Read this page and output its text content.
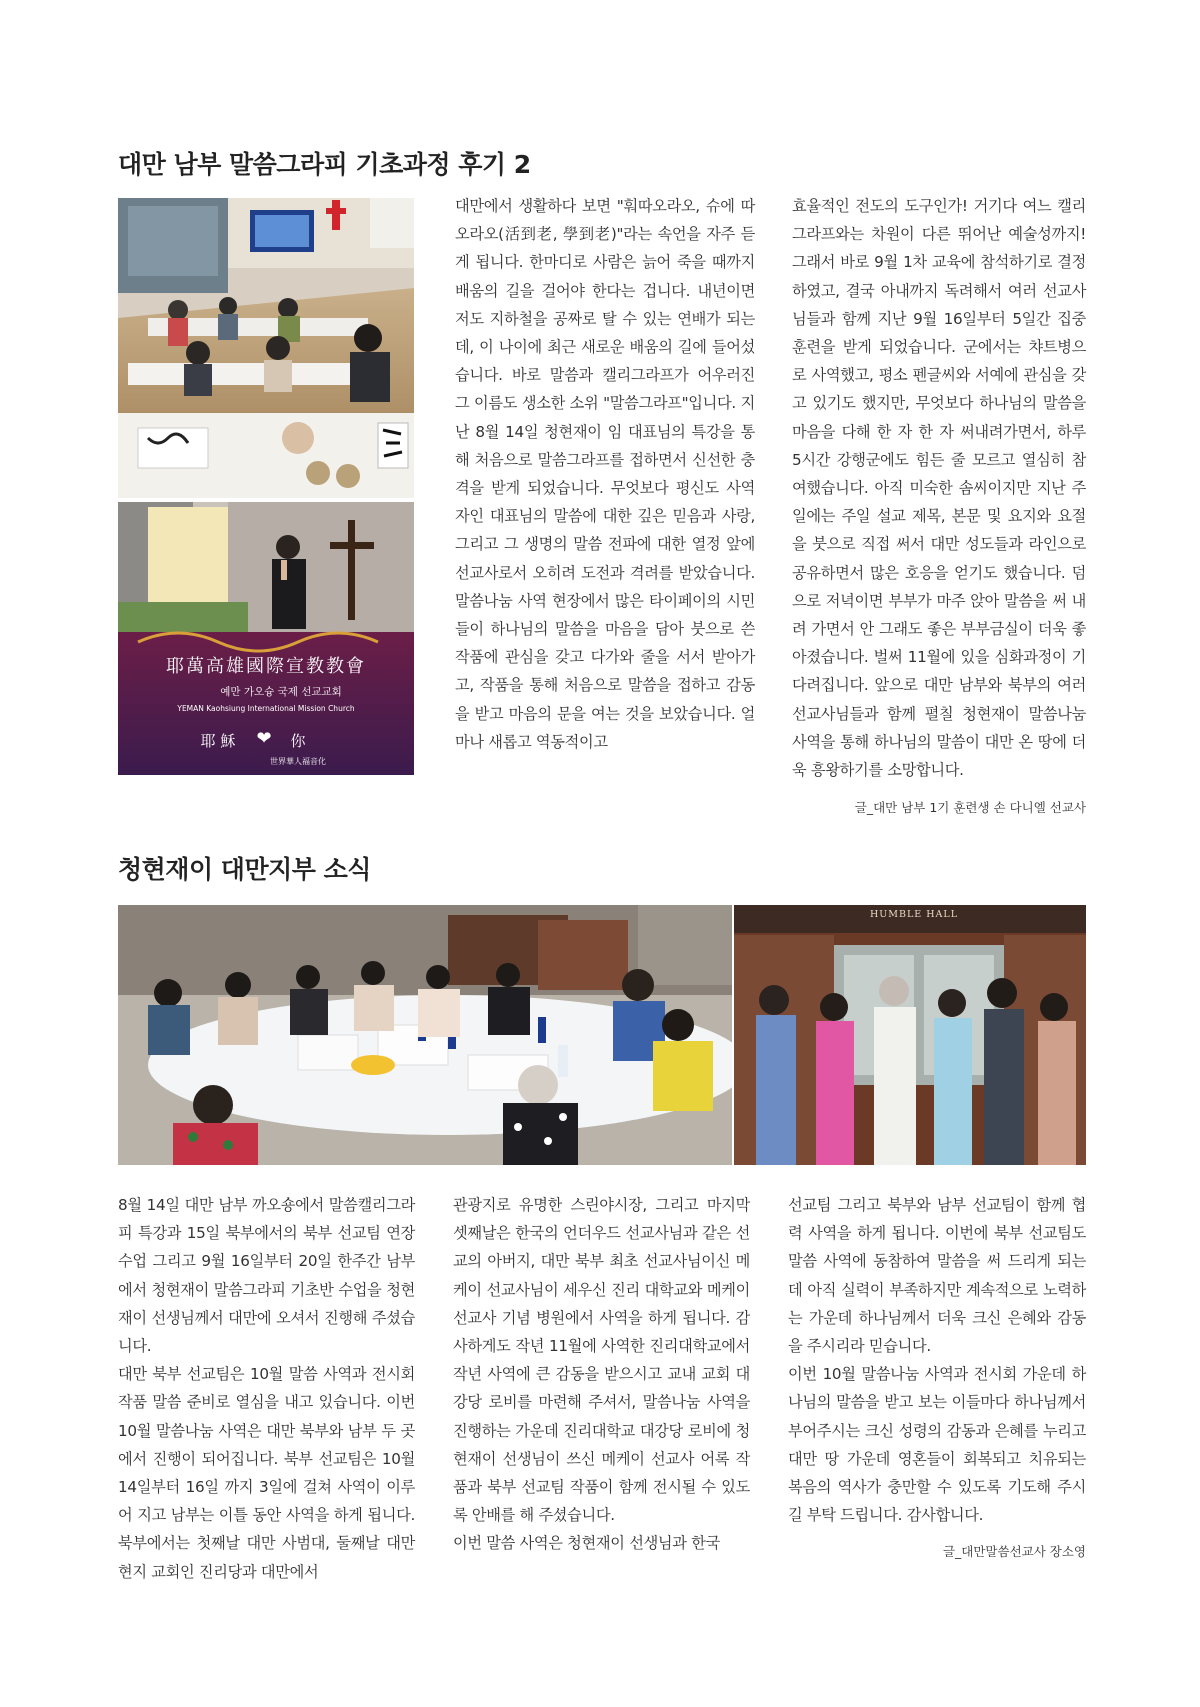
대만 남부 말씀그라피 기초과정 후기 2
耶萬高雄國際宣教教會
예만 가오슝 국제 선교교회
YEMAN Kaohsiung International Mission Church
耶 穌	❤	你
世界華人福音化

대만에서 생활하다 보면 "훠따오라오, 슈에 따오라오(活到老, 學到老)"라는 속언을 자주 듣게 됩니다. 한마디로 사람은 늙어 죽을 때까지 배움의 길을 걸어야 한다는 겁니다. 내년이면 저도 지하철을 공짜로 탈 수 있는 연배가 되는데, 이 나이에 최근 새로운 배움의 길에 들어섰습니다. 바로 말씀과 캘리그라프가 어우러진 그 이름도 생소한 소위 "말씀그라프"입니다. 지난 8월 14일 청현재이 임 대표님의 특강을 통해 처음으로 말씀그라프를 접하면서 신선한 충격을 받게 되었습니다. 무엇보다 평신도 사역자인 대표님의 말씀에 대한 깊은 믿음과 사랑, 그리고 그 생명의 말씀 전파에 대한 열정 앞에 선교사로서 오히려 도전과 격려를 받았습니다. 말씀나눔 사역 현장에서 많은 타이페이의 시민들이 하나님의 말씀을 마음을 담아 붓으로 쓴 작품에 관심을 갖고 다가와 줄을 서서 받아가고, 작품을 통해 처음으로 말씀을 접하고 감동을 받고 마음의 문을 여는 것을 보았습니다. 얼마나 새롭고 역동적이고

효율적인 전도의 도구인가! 거기다 여느 캘리그라프와는 차원이 다른 뛰어난 예술성까지! 그래서 바로 9월 1차 교육에 참석하기로 결정하였고, 결국 아내까지 독려해서 여러 선교사님들과 함께 지난 9월 16일부터 5일간 집중훈련을 받게 되었습니다. 군에서는 챠트병으로 사역했고, 평소 펜글씨와 서예에 관심을 갖고 있기도 했지만, 무엇보다 하나님의 말씀을 마음을 다해 한 자 한 자 써내려가면서, 하루 5시간 강행군에도 힘든 줄 모르고 열심히 참여했습니다. 아직 미숙한 솜씨이지만 지난 주일에는 주일 설교 제목, 본문 및 요지와 요절을 붓으로 직접 써서 대만 성도들과 라인으로 공유하면서 많은 호응을 얻기도 했습니다. 덤으로 저녁이면 부부가 마주 앉아 말씀을 써 내려 가면서 안 그래도 좋은 부부금실이 더욱 좋아졌습니다. 벌써 11월에 있을 심화과정이 기다려집니다. 앞으로 대만 남부와 북부의 여러 선교사님들과 함께 펼칠 청현재이 말씀나눔 사역을 통해 하나님의 말씀이 대만 온 땅에 더욱 흥왕하기를 소망합니다.

글_대만 남부 1기 훈련생 손 다니엘 선교사
청현재이 대만지부 소식
HUMBLE HALL

8월 14일 대만 남부 까오숑에서 말씀캘리그라피 특강과 15일 북부에서의 북부 선교팀 연장수업 그리고 9월 16일부터 20일 한주간 남부에서 청현재이 말씀그라피 기초반 수업을 청현재이 선생님께서 대만에 오셔서 진행해 주셨습니다.

대만 북부 선교팀은 10월 말씀 사역과 전시회 작품 말씀 준비로 열심을 내고 있습니다. 이번 10월 말씀나눔 사역은 대만 북부와 남부 두 곳에서 진행이 되어집니다. 북부 선교팀은 10월 14일부터 16일 까지 3일에 걸쳐 사역이 이루어 지고 남부는 이틀 동안 사역을 하게 됩니다. 북부에서는 첫째날 대만 사범대, 둘째날 대만 현지 교회인 진리당과 대만에서

관광지로 유명한 스린야시장, 그리고 마지막 셋째날은 한국의 언더우드 선교사님과 같은 선교의 아버지, 대만 북부 최초 선교사님이신 메케이 선교사님이 세우신 진리 대학교와 메케이 선교사 기념 병원에서 사역을 하게 됩니다. 감사하게도 작년 11월에 사역한 진리대학교에서 작년 사역에 큰 감동을 받으시고 교내 교회 대강당 로비를 마련해 주셔서, 말씀나눔 사역을 진행하는 가운데 진리대학교 대강당 로비에 청현재이 선생님이 쓰신 메케이 선교사 어록 작품과 북부 선교팀 작품이 함께 전시될 수 있도록 안배를 해 주셨습니다.

이번 말씀 사역은 청현재이 선생님과 한국

선교팀 그리고 북부와 남부 선교팀이 함께 협력 사역을 하게 됩니다. 이번에 북부 선교팀도 말씀 사역에 동참하여 말씀을 써 드리게 되는데 아직 실력이 부족하지만 계속적으로 노력하는 가운데 하나님께서 더욱 크신 은혜와 감동을 주시리라 믿습니다.

이번 10월 말씀나눔 사역과 전시회 가운데 하나님의 말씀을 받고 보는 이들마다 하나님께서 부어주시는 크신 성령의 감동과 은혜를 누리고 대만 땅 가운데 영혼들이 회복되고 치유되는 복음의 역사가 충만할 수 있도록 기도해 주시길 부탁 드립니다. 감사합니다.

글_대만말씀선교사 장소영
